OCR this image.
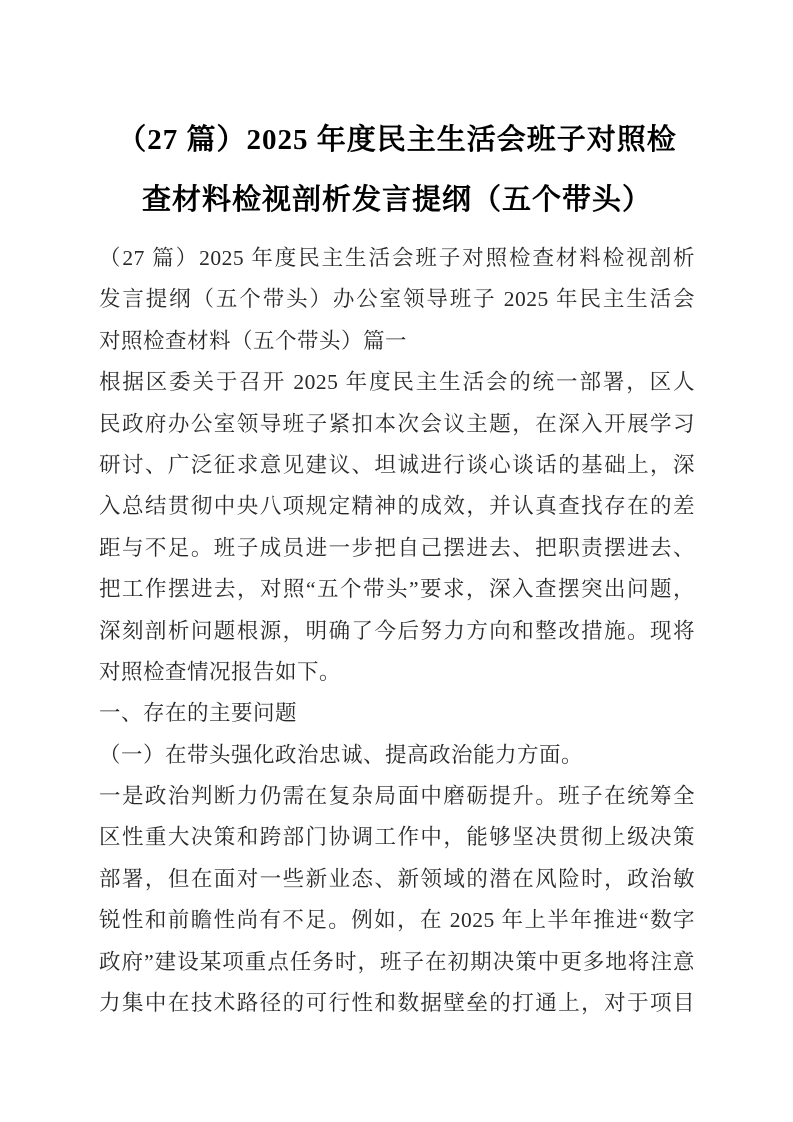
（27 篇）2025 年度民主生活会班子对照检
查材料检视剖析发言提纲（五个带头）
（27 篇）2025 年度民主生活会班子对照检查材料检视剖析
发言提纲（五个带头）办公室领导班子 2025 年民主生活会
对照检查材料（五个带头）篇一
根据区委关于召开 2025 年度民主生活会的统一部署，区人
民政府办公室领导班子紧扣本次会议主题，在深入开展学习
研讨、广泛征求意见建议、坦诚进行谈心谈话的基础上，深
入总结贯彻中央八项规定精神的成效，并认真查找存在的差
距与不足。班子成员进一步把自己摆进去、把职责摆进去、
把工作摆进去，对照“五个带头”要求，深入查摆突出问题，
深刻剖析问题根源，明确了今后努力方向和整改措施。现将
对照检查情况报告如下。
一、存在的主要问题
（一）在带头强化政治忠诚、提高政治能力方面。
一是政治判断力仍需在复杂局面中磨砺提升。班子在统筹全
区性重大决策和跨部门协调工作中，能够坚决贯彻上级决策
部署，但在面对一些新业态、新领域的潜在风险时，政治敏
锐性和前瞻性尚有不足。例如，在 2025 年上半年推进“数字
政府”建设某项重点任务时，班子在初期决策中更多地将注意
力集中在技术路径的可行性和数据壁垒的打通上，对于项目
